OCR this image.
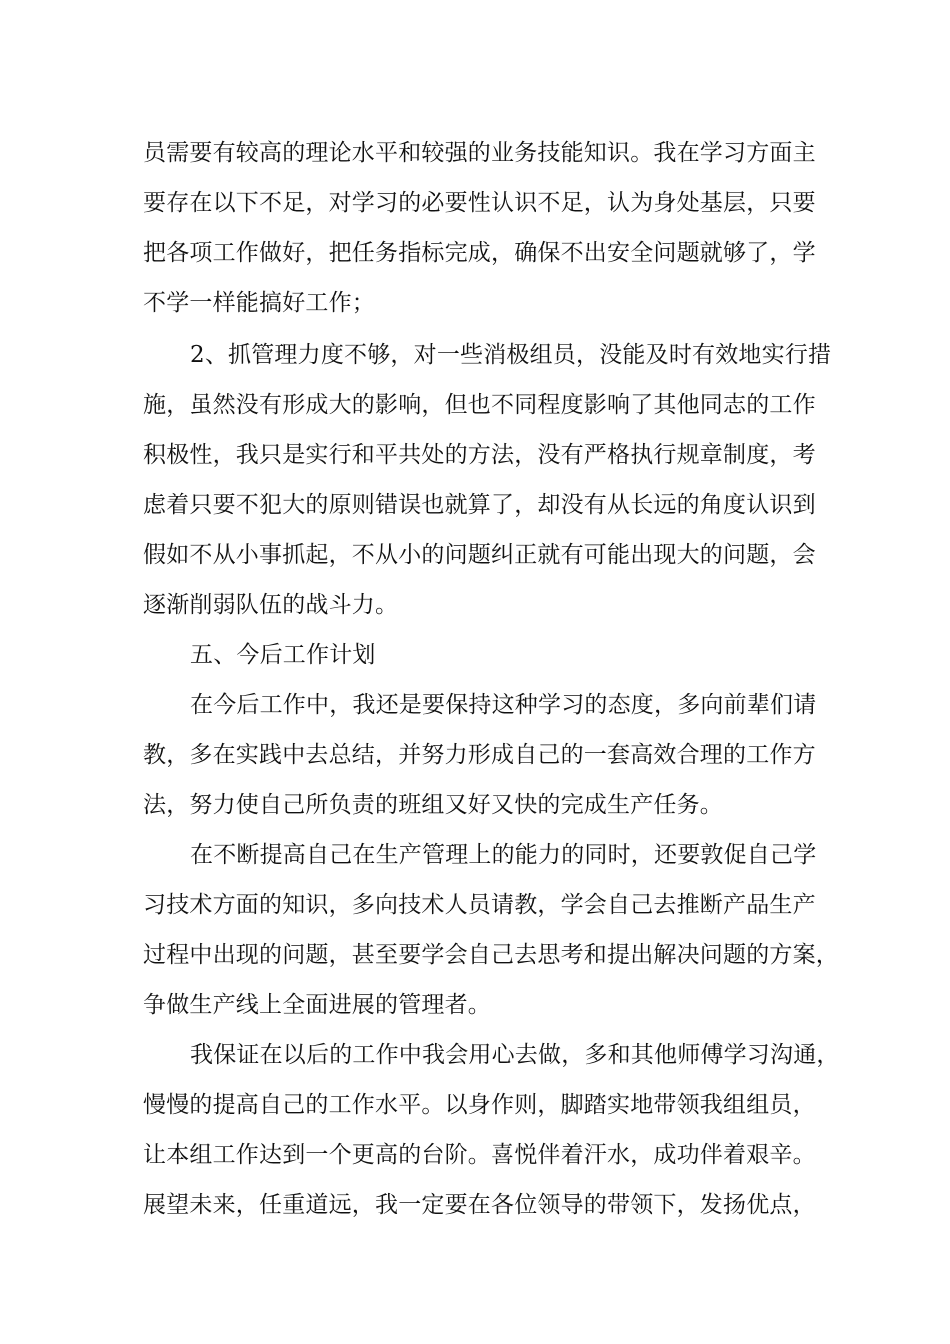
员需要有较高的理论水平和较强的业务技能知识。我在学习方面主
要存在以下不足，对学习的必要性认识不足，认为身处基层，只要
把各项工作做好，把任务指标完成，确保不出安全问题就够了，学
不学一样能搞好工作；
2、抓管理力度不够，对一些消极组员，没能及时有效地实行措
施，虽然没有形成大的影响，但也不同程度影响了其他同志的工作
积极性，我只是实行和平共处的方法，没有严格执行规章制度，考
虑着只要不犯大的原则错误也就算了，却没有从长远的角度认识到
假如不从小事抓起，不从小的问题纠正就有可能出现大的问题，会
逐渐削弱队伍的战斗力。
五、今后工作计划
在今后工作中，我还是要保持这种学习的态度，多向前辈们请
教，多在实践中去总结，并努力形成自己的一套高效合理的工作方
法，努力使自己所负责的班组又好又快的完成生产任务。
在不断提高自己在生产管理上的能力的同时，还要敦促自己学
习技术方面的知识，多向技术人员请教，学会自己去推断产品生产
过程中出现的问题，甚至要学会自己去思考和提出解决问题的方案，
争做生产线上全面进展的管理者。
我保证在以后的工作中我会用心去做，多和其他师傅学习沟通，
慢慢的提高自己的工作水平。以身作则，脚踏实地带领我组组员，
让本组工作达到一个更高的台阶。喜悦伴着汗水，成功伴着艰辛。
展望未来，任重道远，我一定要在各位领导的带领下，发扬优点，
